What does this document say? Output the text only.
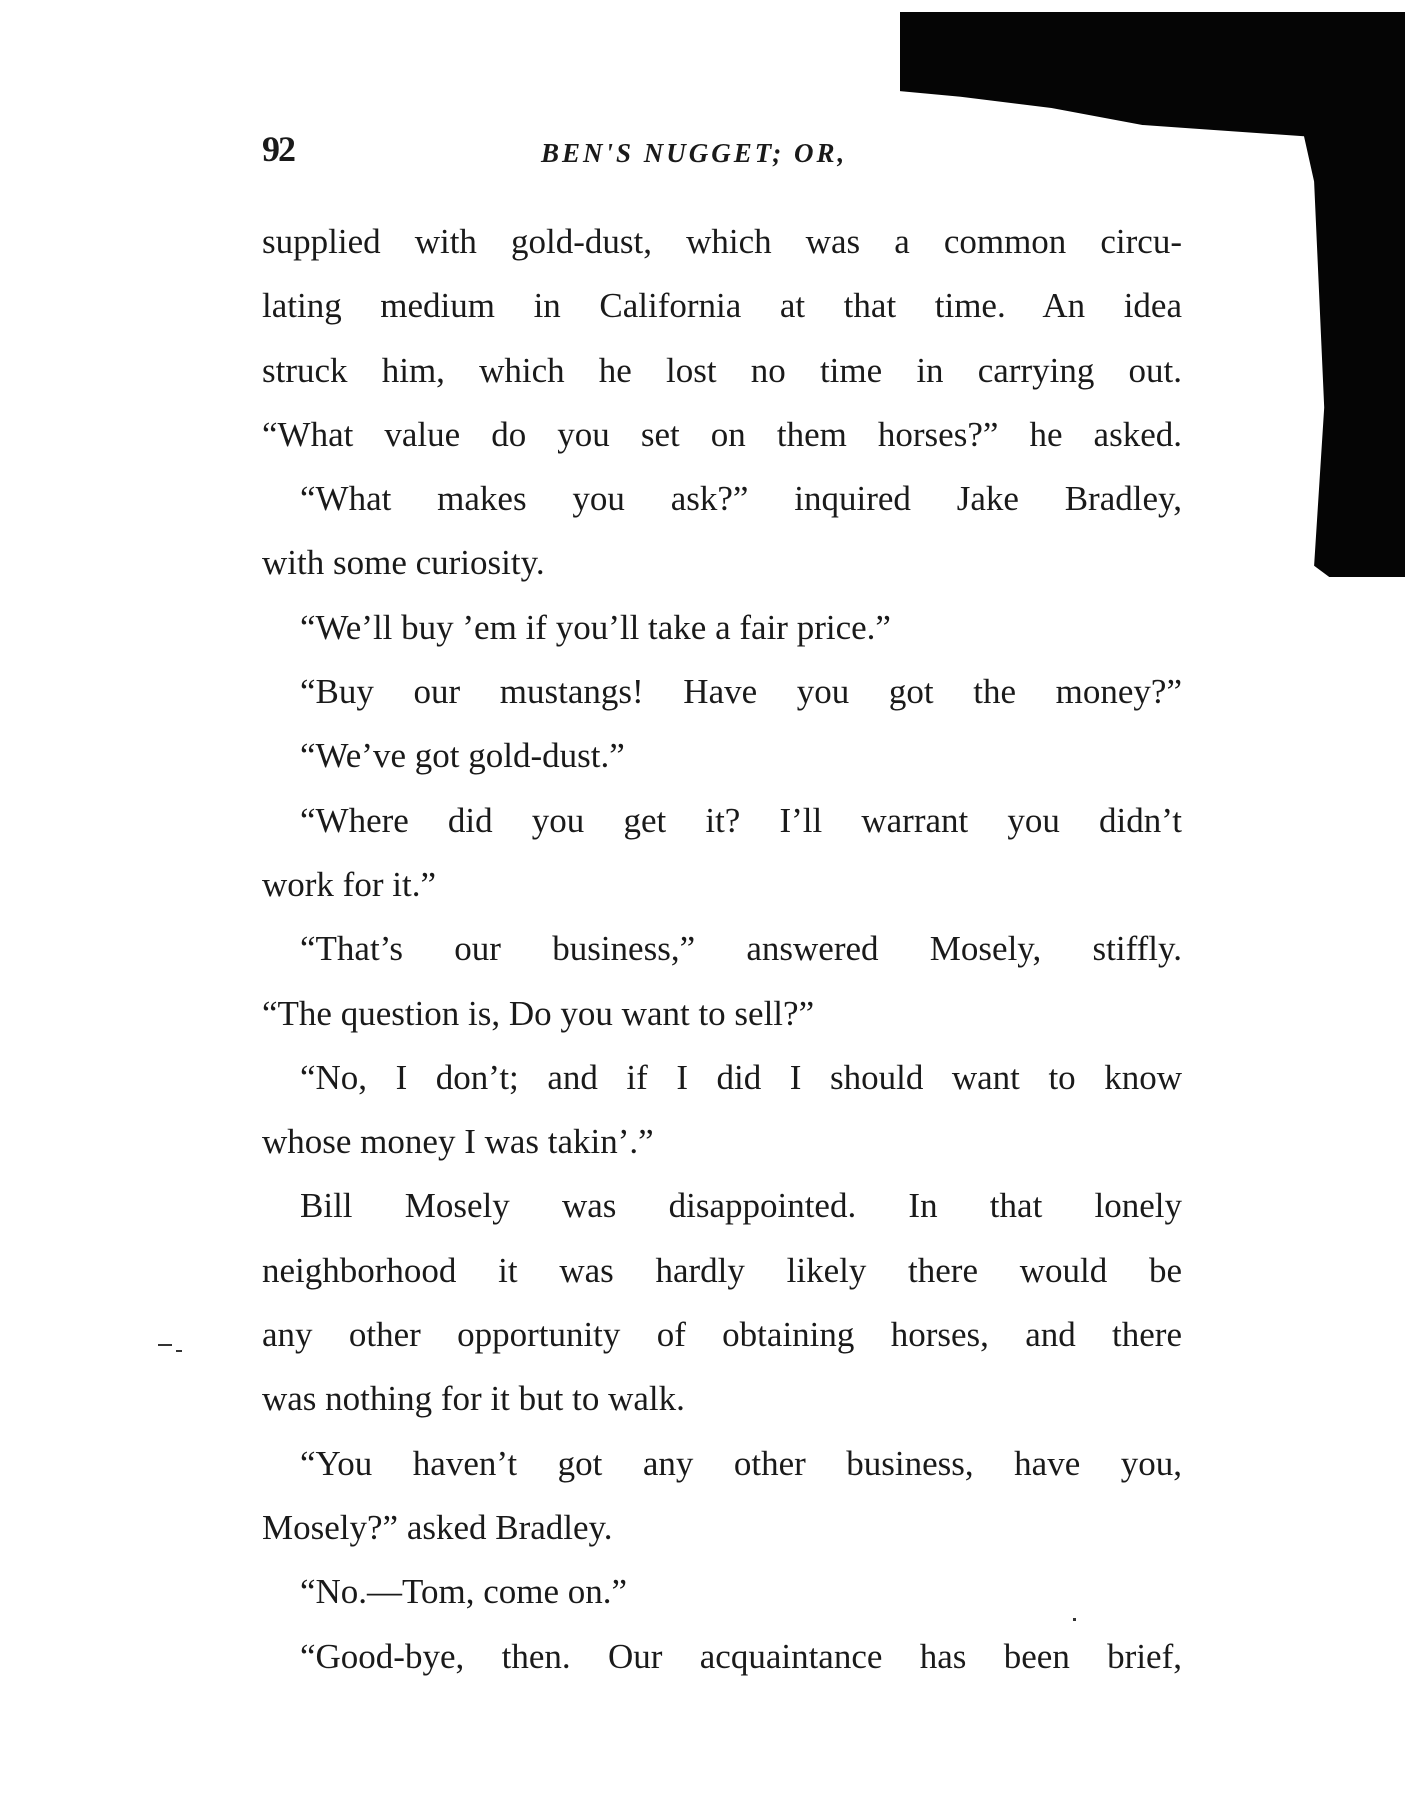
92	BEN'S NUGGET; OR,
supplied with gold-dust, which was a common circu-
lating medium in California at that time. An idea
struck him, which he lost no time in carrying out.
“What value do you set on them horses?” he asked.
“What makes you ask?” inquired Jake Bradley,
with some curiosity.
“We’ll buy ’em if you’ll take a fair price.”
“Buy our mustangs! Have you got the money?”
“We’ve got gold-dust.”
“Where did you get it? I’ll warrant you didn’t
work for it.”
“That’s our business,” answered Mosely, stiffly.
“The question is, Do you want to sell?”
“No, I don’t; and if I did I should want to know
whose money I was takin’.”
Bill Mosely was disappointed. In that lonely
neighborhood it was hardly likely there would be
any other opportunity of obtaining horses, and there
was nothing for it but to walk.
“You haven’t got any other business, have you,
Mosely?” asked Bradley.
“No.—Tom, come on.”
“Good-bye, then. Our acquaintance has been brief,
